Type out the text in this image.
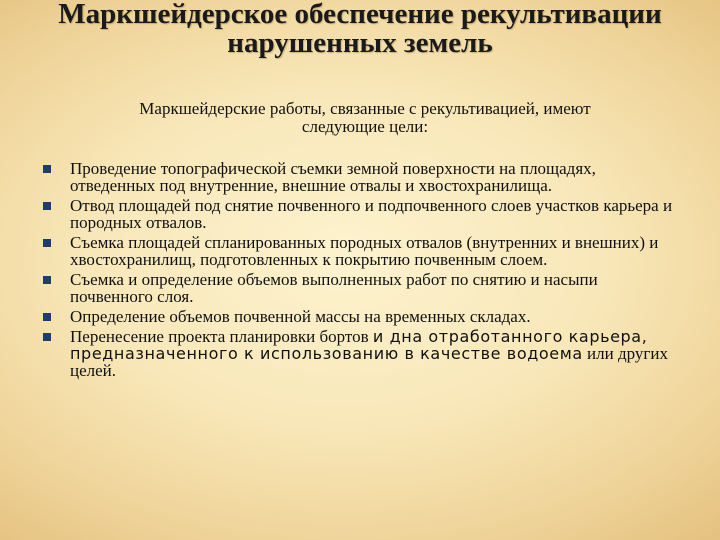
Маркшейдерское обеспечение рекультивации
нарушенных земель
Маркшейдерские работы, связанные с рекультивацией, имеют
следующие цели:
Проведение топографической съемки земной поверхности на площадях, отведенных под внутренние, внешние отвалы и хвостохранилища.
Отвод площадей под снятие почвенного и подпочвенного слоев участков карьера и породных отвалов.
Съемка площадей спланированных породных отвалов (внутренних и внешних) и хвостохранилищ, подготовленных к покрытию почвенным слоем.
Съемка и определение объемов выполненных работ по снятию и насыпи почвенного слоя.
Определение объемов почвенной массы на временных складах.
Перенесение проекта планировки бортов и дна отработанного карьера, предназначенного к использованию в качестве водоема или других целей.
